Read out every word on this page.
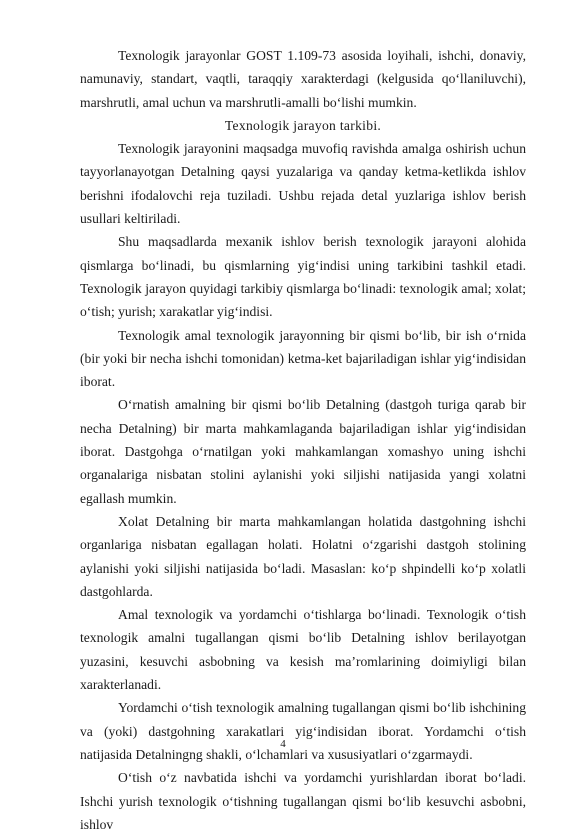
Texnologik jarayonlar GOST 1.109-73 asosida loyihali, ishchi, donaviy, namunaviy, standart, vaqtli, taraqqiy xarakterdagi (kelgusida qo‘llaniluvchi), marshrutli, amal uchun va marshrutli-amalli bo‘lishi mumkin.

Texnologik jarayon tarkibi.

Texnologik jarayonini maqsadga muvofiq ravishda amalga oshirish uchun tayyorlanayotgan Detalning qaysi yuzalariga va qanday ketma-ketlikda ishlov berishni ifodalovchi reja tuziladi. Ushbu rejada detal yuzlariga ishlov berish usullari keltiriladi.

Shu maqsadlarda mexanik ishlov berish texnologik jarayoni alohida qismlarga bo‘linadi, bu qismlarning yig‘indisi uning tarkibini tashkil etadi. Texnologik jarayon quyidagi tarkibiy qismlarga bo‘linadi: texnologik amal; xolat; o‘tish; yurish; xarakatlar yig‘indisi.

Texnologik amal texnologik jarayonning bir qismi bo‘lib, bir ish o‘rnida (bir yoki bir necha ishchi tomonidan) ketma-ket bajariladigan ishlar yig‘indisidan iborat.

O‘rnatish amalning bir qismi bo‘lib Detalning (dastgoh turiga qarab bir necha Detalning) bir marta mahkamlaganda bajariladigan ishlar yig‘indisidan iborat. Dastgohga o‘rnatilgan yoki mahkamlangan xomashyo uning ishchi organalariga nisbatan stolini aylanishi yoki siljishi natijasida yangi xolatni egallash mumkin.

Xolat Detalning bir marta mahkamlangan holatida dastgohning ishchi organlariga nisbatan egallagan holati. Holatni o‘zgarishi dastgoh stolining aylanishi yoki siljishi natijasida bo‘ladi. Masaslan: ko‘p shpindelli ko‘p xolatli dastgohlarda.

Amal texnologik va yordamchi o‘tishlarga bo‘linadi. Texnologik o‘tish texnologik amalni tugallangan qismi bo‘lib Detalning ishlov berilayotgan yuzasini, kesuvchi asbobning va kesish ma’romlarining doimiyligi bilan xarakterlanadi.

Yordamchi o‘tish texnologik amalning tugallangan qismi bo‘lib ishchining va (yoki) dastgohning xarakatlari yig‘indisidan iborat. Yordamchi o‘tish natijasida Detalningng shakli, o‘lchamlari va xususiyatlari o‘zgarmaydi.

O‘tish o‘z navbatida ishchi va yordamchi yurishlardan iborat bo‘ladi. Ishchi yurish texnologik o‘tishning tugallangan qismi bo‘lib kesuvchi asbobni, ishlov

4
